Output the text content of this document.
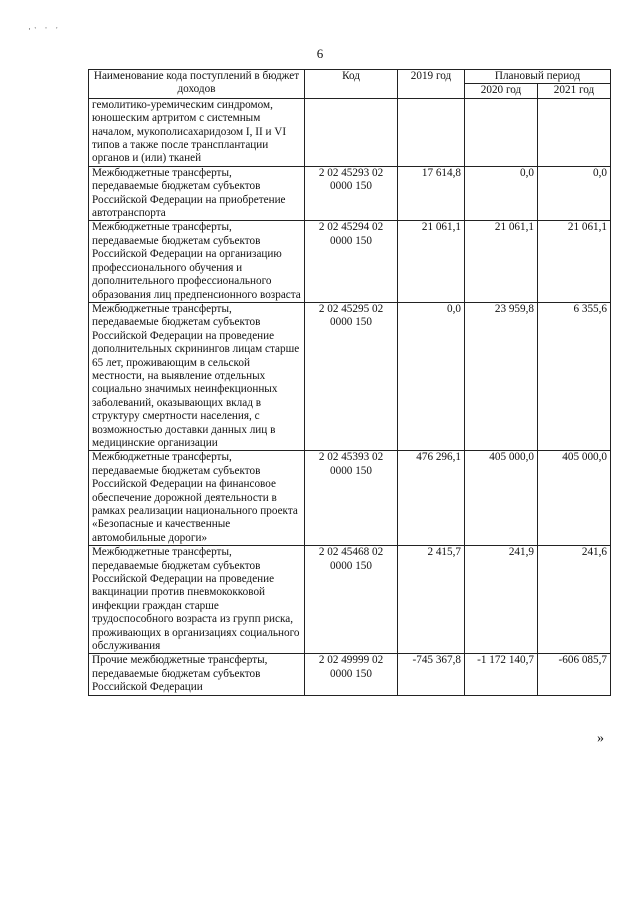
·ˑ ˑ ˑ
6
Наименование кода поступлений в бюджет доходов	Код	2019 год	Плановый период	
			2020 год	2021 год
гемолитико-уремическим синдромом, юношеским артритом с системным началом, мукополисахаридозом I, II и VI типов а также после трансплантации органов и (или) тканей				
Межбюджетные трансферты, передаваемые бюджетам субъектов Российской Федерации на приобретение автотранспорта	2 02 45293 02 0000 150	17 614,8	0,0	0,0
Межбюджетные трансферты, передаваемые бюджетам субъектов Российской Федерации на организацию профессионального обучения и дополнительного профессионального образования лиц предпенсионного возраста	2 02 45294 02 0000 150	21 061,1	21 061,1	21 061,1
Межбюджетные трансферты, передаваемые бюджетам субъектов Российской Федерации на проведение дополнительных скринингов лицам старше 65 лет, проживающим в сельской местности, на выявление отдельных социально значимых неинфекционных заболеваний, оказывающих вклад в структуру смертности населения, с возможностью доставки данных лиц в медицинские организации	2 02 45295 02 0000 150	0,0	23 959,8	6 355,6
Межбюджетные трансферты, передаваемые бюджетам субъектов Российской Федерации на финансовое обеспечение дорожной деятельности в рамках реализации национального проекта «Безопасные и качественные автомобильные дороги»	2 02 45393 02 0000 150	476 296,1	405 000,0	405 000,0
Межбюджетные трансферты, передаваемые бюджетам субъектов Российской Федерации на проведение вакцинации против пневмококковой инфекции граждан старше трудоспособного возраста из групп риска, проживающих в организациях социального обслуживания	2 02 45468 02 0000 150	2 415,7	241,9	241,6
Прочие межбюджетные трансферты, передаваемые бюджетам субъектов Российской Федерации	2 02 49999 02 0000 150	-745 367,8	-1 172 140,7	-606 085,7
»
